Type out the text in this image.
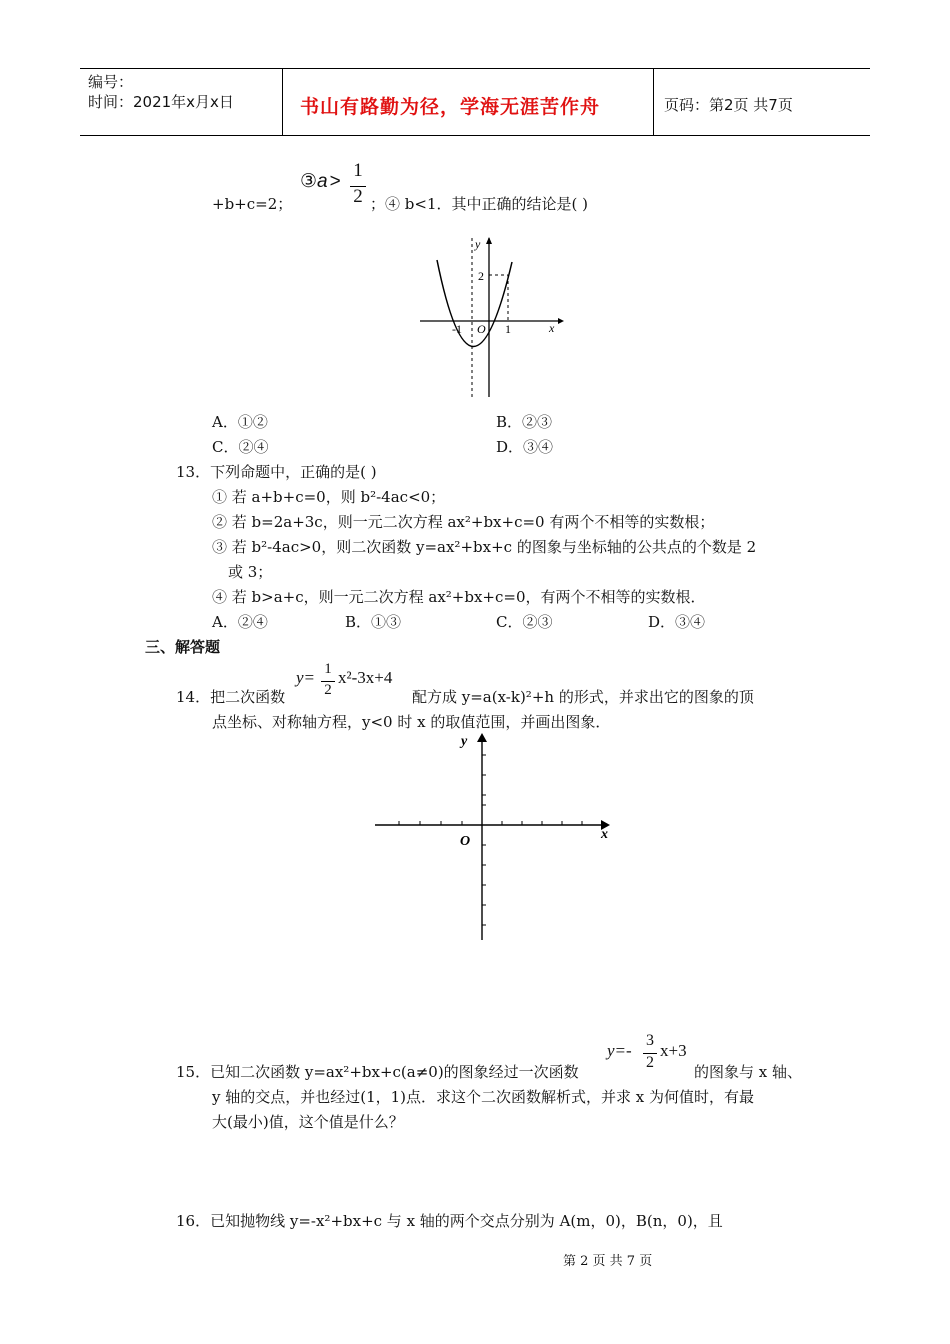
编号：
时间：2021年x月x日	书山有路勤为径，学海无涯苦作舟	页码：第2页 共7页
③a >
1
2
+b+c=2；	；④ b<1．其中正确的结论是( )
y
x
O
-1	1
2
A．①②	B．②③
C．②④	D．③④
13．下列命题中，正确的是( )
① 若 a+b+c=0，则 b²-4ac<0；
② 若 b=2a+3c，则一元二次方程 ax²+bx+c=0 有两个不相等的实数根；
③ 若 b²-4ac>0，则二次函数 y=ax²+bx+c 的图象与坐标轴的公共点的个数是 2
或 3；
④ 若 b>a+c，则一元二次方程 ax²+bx+c=0，有两个不相等的实数根．
A．②④	B．①③	C．②③	D．③④
三、解答题
14．把二次函数
y= 1
2
x²-3x+4
配方成 y=a(x-k)²+h 的形式，并求出它的图象的顶
点坐标、对称轴方程，y<0 时 x 的取值范围，并画出图象．
y
x
O
15．已知二次函数 y=ax²+bx+c(a≠0)的图象经过一次函数
y=-
3
2
x+3
的图象与 x 轴、
y 轴的交点，并也经过(1，1)点．求这个二次函数解析式，并求 x 为何值时，有最
大(最小)值，这个值是什么？
16．已知抛物线 y=-x²+bx+c 与 x 轴的两个交点分别为 A(m，0)，B(n，0)，且
第 2 页 共 7 页
